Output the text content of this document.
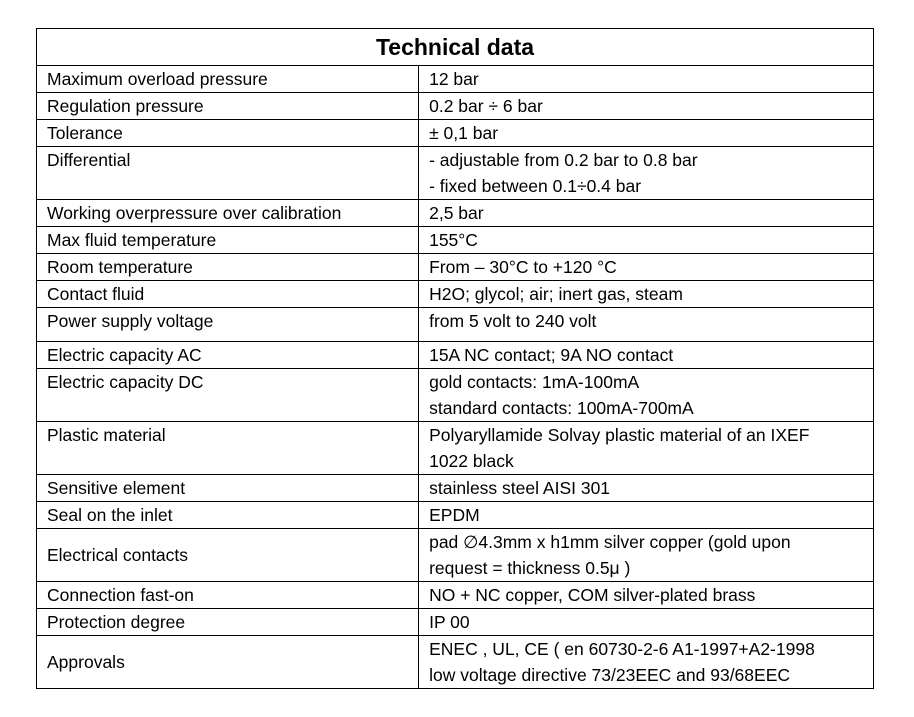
Technical data	
Maximum overload pressure	12 bar

Regulation pressure	0.2 bar ÷ 6 bar

Tolerance	± 0,1 bar

Differential	- adjustable from 0.2 bar to 0.8 bar
- fixed between 0.1÷0.4 bar

Working overpressure over calibration	2,5 bar

Max fluid temperature	155°C

Room temperature	From – 30°C to +120 °C

Contact fluid	H2O; glycol; air; inert gas, steam

Power supply voltage	from 5 volt to 240 volt

Electric capacity AC	15A NC contact; 9A NO contact

Electric capacity DC	gold contacts: 1mA-100mA
standard contacts: 100mA-700mA

Plastic material	Polyaryllamide Solvay plastic material of an IXEF
1022 black

Sensitive element	stainless steel AISI 301

Seal on the inlet	EPDM

Electrical contacts	pad ∅4.3mm x h1mm silver copper (gold upon
request = thickness 0.5μ )

Connection fast-on	NO + NC copper, COM silver-plated brass

Protection degree	IP 00

Approvals	ENEC , UL, CE ( en 60730-2-6 A1-1997+A2-1998
low voltage directive 73/23EEC and 93/68EEC
